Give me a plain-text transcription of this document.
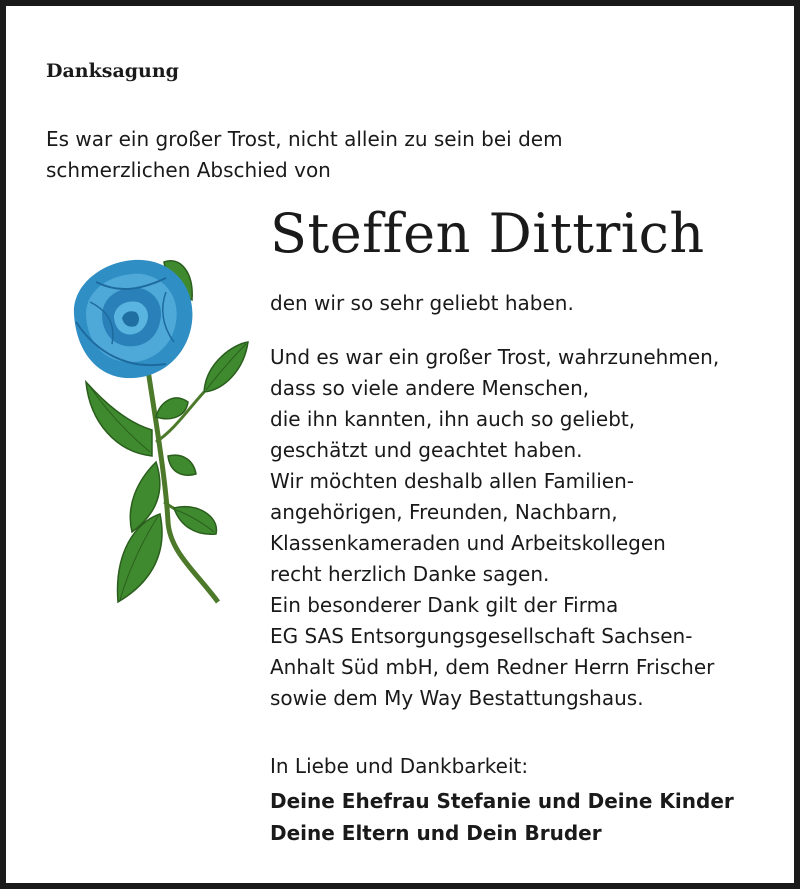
Danksagung
Es war ein großer Trost, nicht allein zu sein bei dem
schmerzlichen Abschied von
Steffen Dittrich
den wir so sehr geliebt haben.
Und es war ein großer Trost, wahrzunehmen,
dass so viele andere Menschen,
die ihn kannten, ihn auch so geliebt,
geschätzt und geachtet haben.
Wir möchten deshalb allen Familien-
angehörigen, Freunden, Nachbarn,
Klassenkameraden und Arbeitskollegen
recht herzlich Danke sagen.
Ein besonderer Dank gilt der Firma
EG SAS Entsorgungsgesellschaft Sachsen-
Anhalt Süd mbH, dem Redner Herrn Frischer
sowie dem My Way Bestattungshaus.
In Liebe und Dankbarkeit:
Deine Ehefrau Stefanie und Deine Kinder
Deine Eltern und Dein Bruder
